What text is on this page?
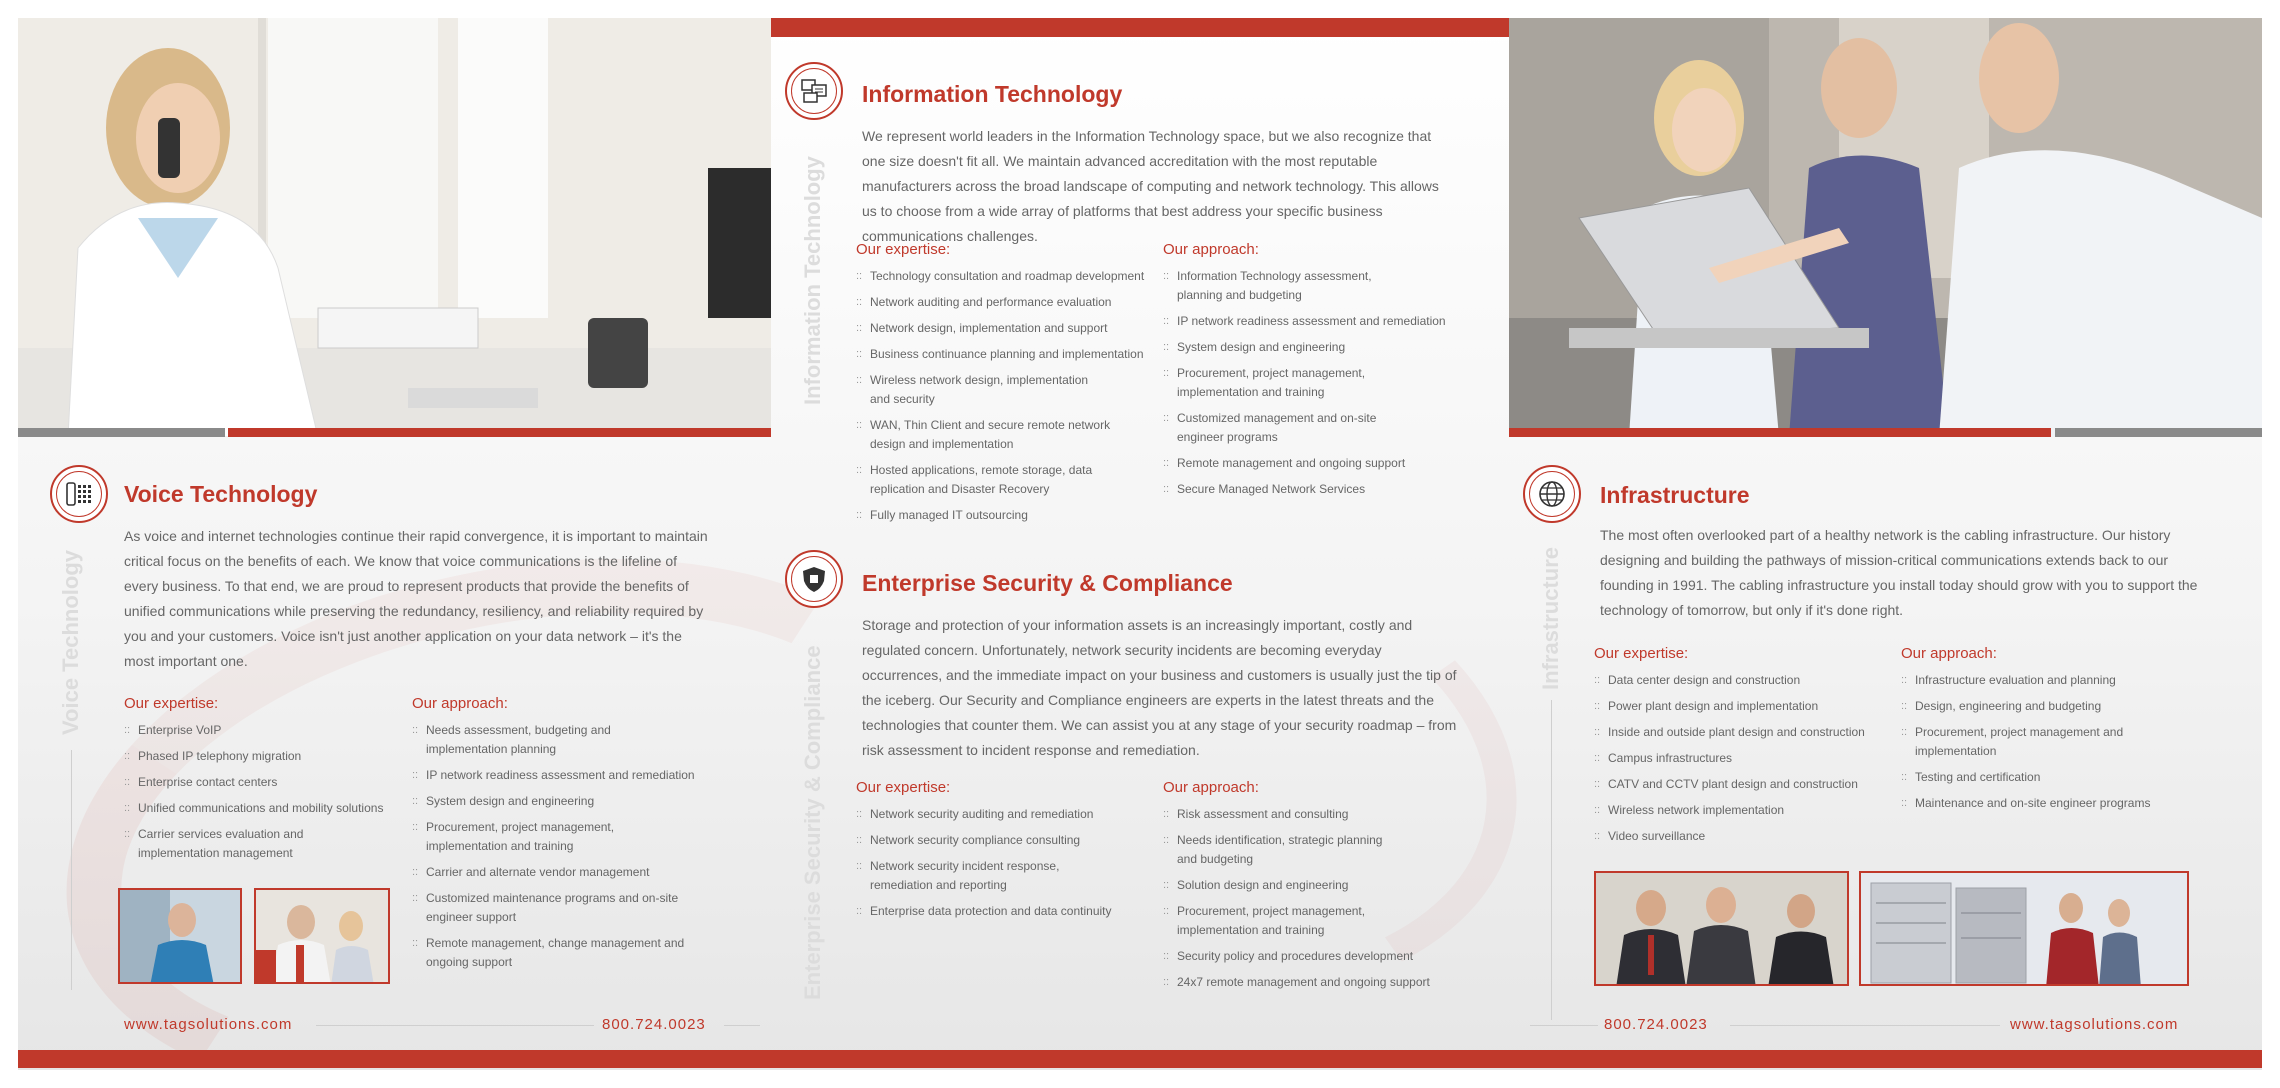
Voice Technology
Voice Technology
As voice and internet technologies continue their rapid convergence, it is important to maintain critical focus on the benefits of each. We know that voice communications is the lifeline of every business. To that end, we are proud to represent products that provide the benefits of unified communications while preserving the redundancy, resiliency, and reliability required by you and your customers. Voice isn't just another application on your data network – it's the most important one.
Our expertise:
:: Enterprise VoIP
:: Phased IP telephony migration
:: Enterprise contact centers
:: Unified communications and mobility solutions
:: Carrier services evaluation and implementation management
Our approach:
:: Needs assessment, budgeting and implementation planning
:: IP network readiness assessment and remediation
:: System design and engineering
:: Procurement, project management, implementation and training
:: Carrier and alternate vendor management
:: Customized maintenance programs and on-site engineer support
:: Remote management, change management and ongoing support
www.tagsolutions.com	800.724.0023
Information Technology
Information Technology
We represent world leaders in the Information Technology space, but we also recognize that one size doesn't fit all. We maintain advanced accreditation with the most reputable manufacturers across the broad landscape of computing and network technology. This allows us to choose from a wide array of platforms that best address your specific business communications challenges.
Our expertise:
:: Technology consultation and roadmap development
:: Network auditing and performance evaluation
:: Network design, implementation and support
:: Business continuance planning and implementation
:: Wireless network design, implementation and security
:: WAN, Thin Client and secure remote network design and implementation
:: Hosted applications, remote storage, data replication and Disaster Recovery
:: Fully managed IT outsourcing
Our approach:
:: Information Technology assessment, planning and budgeting
:: IP network readiness assessment and remediation
:: System design and engineering
:: Procurement, project management, implementation and training
:: Customized management and on-site engineer programs
:: Remote management and ongoing support
:: Secure Managed Network Services
Enterprise Security & Compliance
Enterprise Security & Compliance
Storage and protection of your information assets is an increasingly important, costly and regulated concern. Unfortunately, network security incidents are becoming everyday occurrences, and the immediate impact on your business and customers is usually just the tip of the iceberg. Our Security and Compliance engineers are experts in the latest threats and the technologies that counter them. We can assist you at any stage of your security roadmap – from risk assessment to incident response and remediation.
Our expertise:
:: Network security auditing and remediation
:: Network security compliance consulting
:: Network security incident response, remediation and reporting
:: Enterprise data protection and data continuity
Our approach:
:: Risk assessment and consulting
:: Needs identification, strategic planning and budgeting
:: Solution design and engineering
:: Procurement, project management, implementation and training
:: Security policy and procedures development
:: 24x7 remote management and ongoing support
Infrastructure
Infrastructure
The most often overlooked part of a healthy network is the cabling infrastructure. Our history designing and building the pathways of mission-critical communications extends back to our founding in 1991. The cabling infrastructure you install today should grow with you to support the technology of tomorrow, but only if it's done right.
Our expertise:
:: Data center design and construction
:: Power plant design and implementation
:: Inside and outside plant design and construction
:: Campus infrastructures
:: CATV and CCTV plant design and construction
:: Wireless network implementation
:: Video surveillance
Our approach:
:: Infrastructure evaluation and planning
:: Design, engineering and budgeting
:: Procurement, project management and implementation
:: Testing and certification
:: Maintenance and on-site engineer programs
800.724.0023	www.tagsolutions.com
